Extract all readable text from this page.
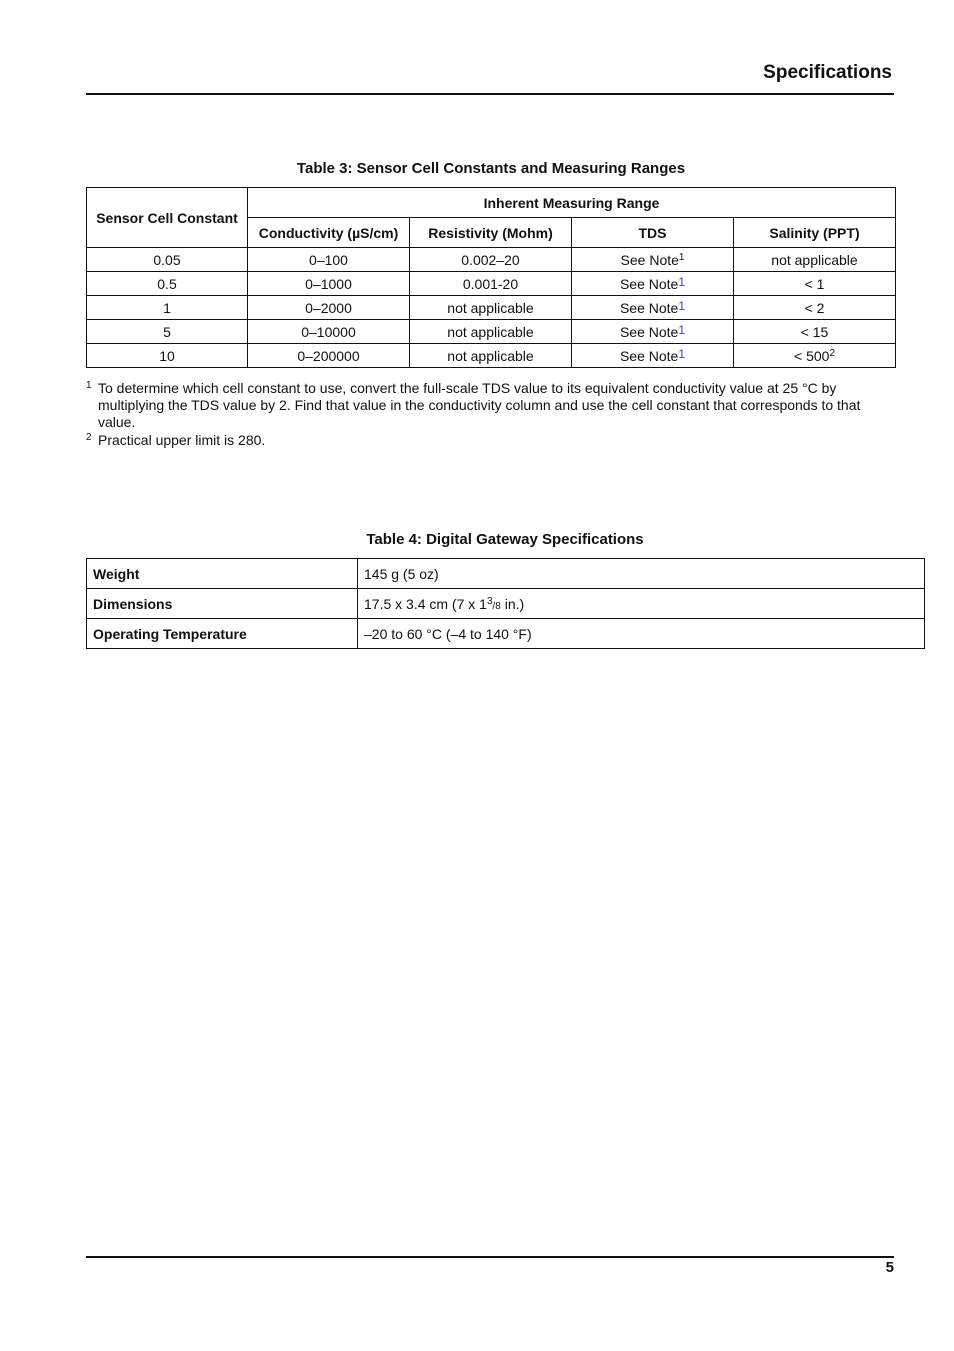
Specifications
Table 3: Sensor Cell Constants and Measuring Ranges
Sensor Cell Constant	Inherent Measuring Range			
	Conductivity (µS/cm)	Resistivity (Mohm)	TDS	Salinity (PPT)
0.05	0–100	0.002–20	See Note$^1$	not applicable
0.5	0–1000	0.001-20	See Note1	< 1
1	0–2000	not applicable	See Note1	< 2
5	0–10000	not applicable	See Note1	< 15
10	0–200000	not applicable	See Note1	< $500^2$
1 To determine which cell constant to use, convert the full-scale TDS value to its equivalent conductivity value at 25 °C by multiplying the TDS value by 2. Find that value in the conductivity column and use the cell constant that corresponds to that value.
2 Practical upper limit is 280.
Table 4: Digital Gateway Specifications
Weight	145 g (5 oz)
Dimensions	17.5 x 3.4 cm (7 x $1^3/8$ in.)
Operating Temperature	–20 to 60 °C (–4 to 140 °F)
5
